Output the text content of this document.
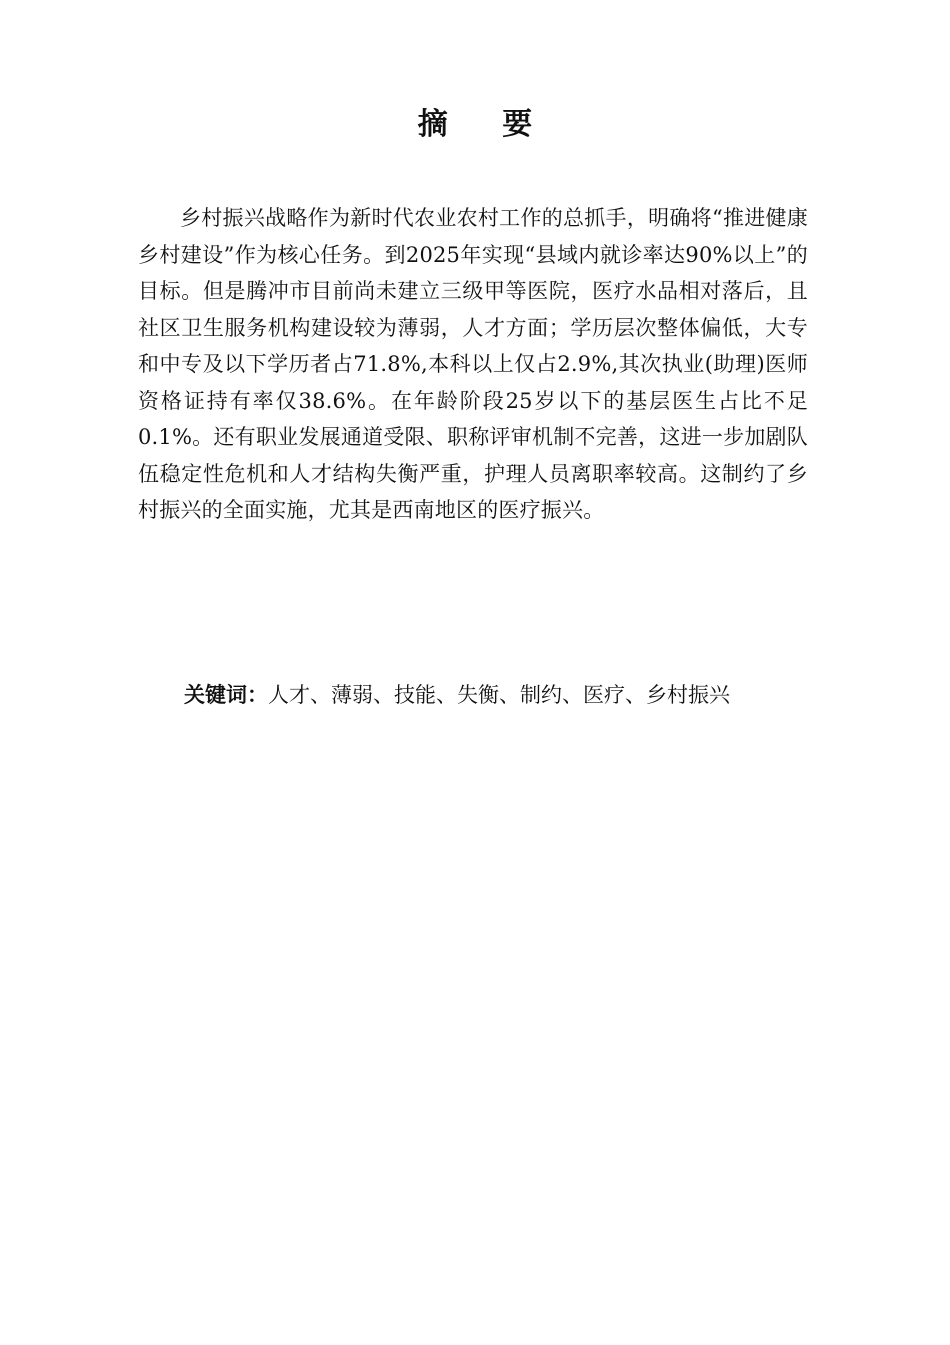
摘 要

乡村振兴战略作为新时代农业农村工作的总抓手，明确将“推进健康乡村建设”作为核心任务。到2025年实现“县域内就诊率达90%以上”的目标。但是腾冲市目前尚未建立三级甲等医院，医疗水品相对落后，且社区卫生服务机构建设较为薄弱，人才方面；学历层次整体偏低，大专和中专及以下学历者占71.8%,本科以上仅占2.9%,其次执业(助理)医师资格证持有率仅38.6%。在年龄阶段25岁以下的基层医生占比不足0.1%。还有职业发展通道受限、职称评审机制不完善，这进一步加剧队伍稳定性危机和人才结构失衡严重，护理人员离职率较高。这制约了乡村振兴的全面实施，尤其是西南地区的医疗振兴。

关键词：人才、薄弱、技能、失衡、制约、医疗、乡村振兴
